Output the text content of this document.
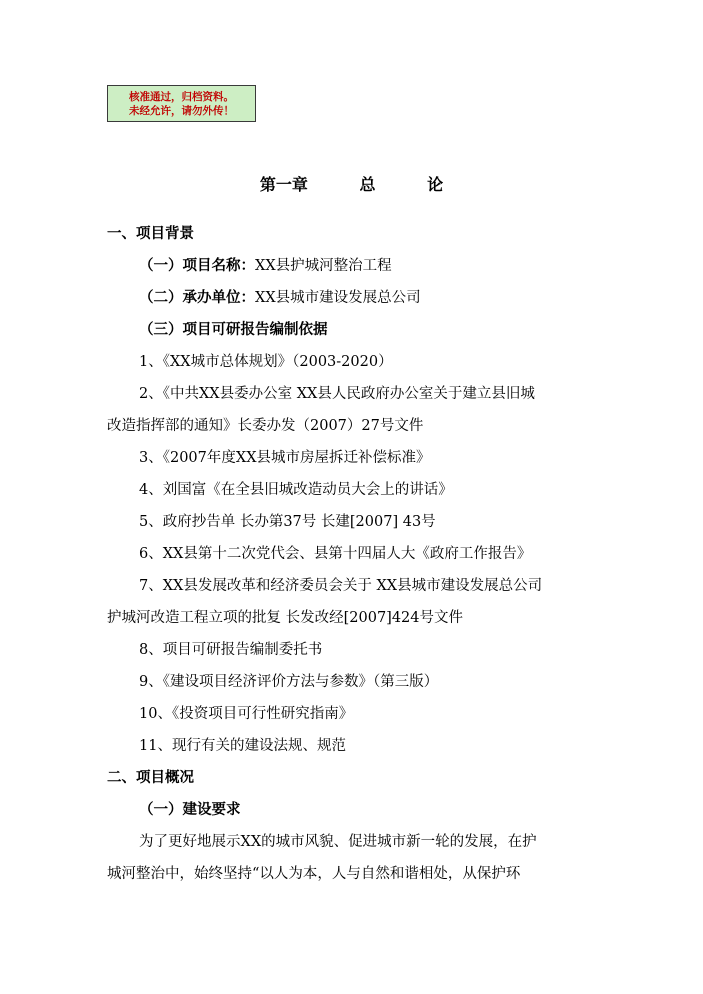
核准通过，归档资料。
未经允许，请勿外传！
第一章	总	论
一、项目背景
（一）项目名称：XX县护城河整治工程
（二）承办单位：XX县城市建设发展总公司
（三）项目可研报告编制依据
1、《XX城市总体规划》（2003-2020）
2、《中共XX县委办公室 XX县人民政府办公室关于建立县旧城
改造指挥部的通知》长委办发（2007）27号文件
3、《2007年度XX县城市房屋拆迁补偿标准》
4、刘国富《在全县旧城改造动员大会上的讲话》
5、政府抄告单 长办第37号 长建[2007] 43号
6、XX县第十二次党代会、县第十四届人大《政府工作报告》
7、XX县发展改革和经济委员会关于 XX县城市建设发展总公司
护城河改造工程立项的批复 长发改经[2007]424号文件
8、项目可研报告编制委托书
9、《建设项目经济评价方法与参数》（第三版）
10、《投资项目可行性研究指南》
11、现行有关的建设法规、规范
二、项目概况
（一）建设要求
为了更好地展示XX的城市风貌、促进城市新一轮的发展，在护
城河整治中，始终坚持“以人为本，人与自然和谐相处，从保护环
